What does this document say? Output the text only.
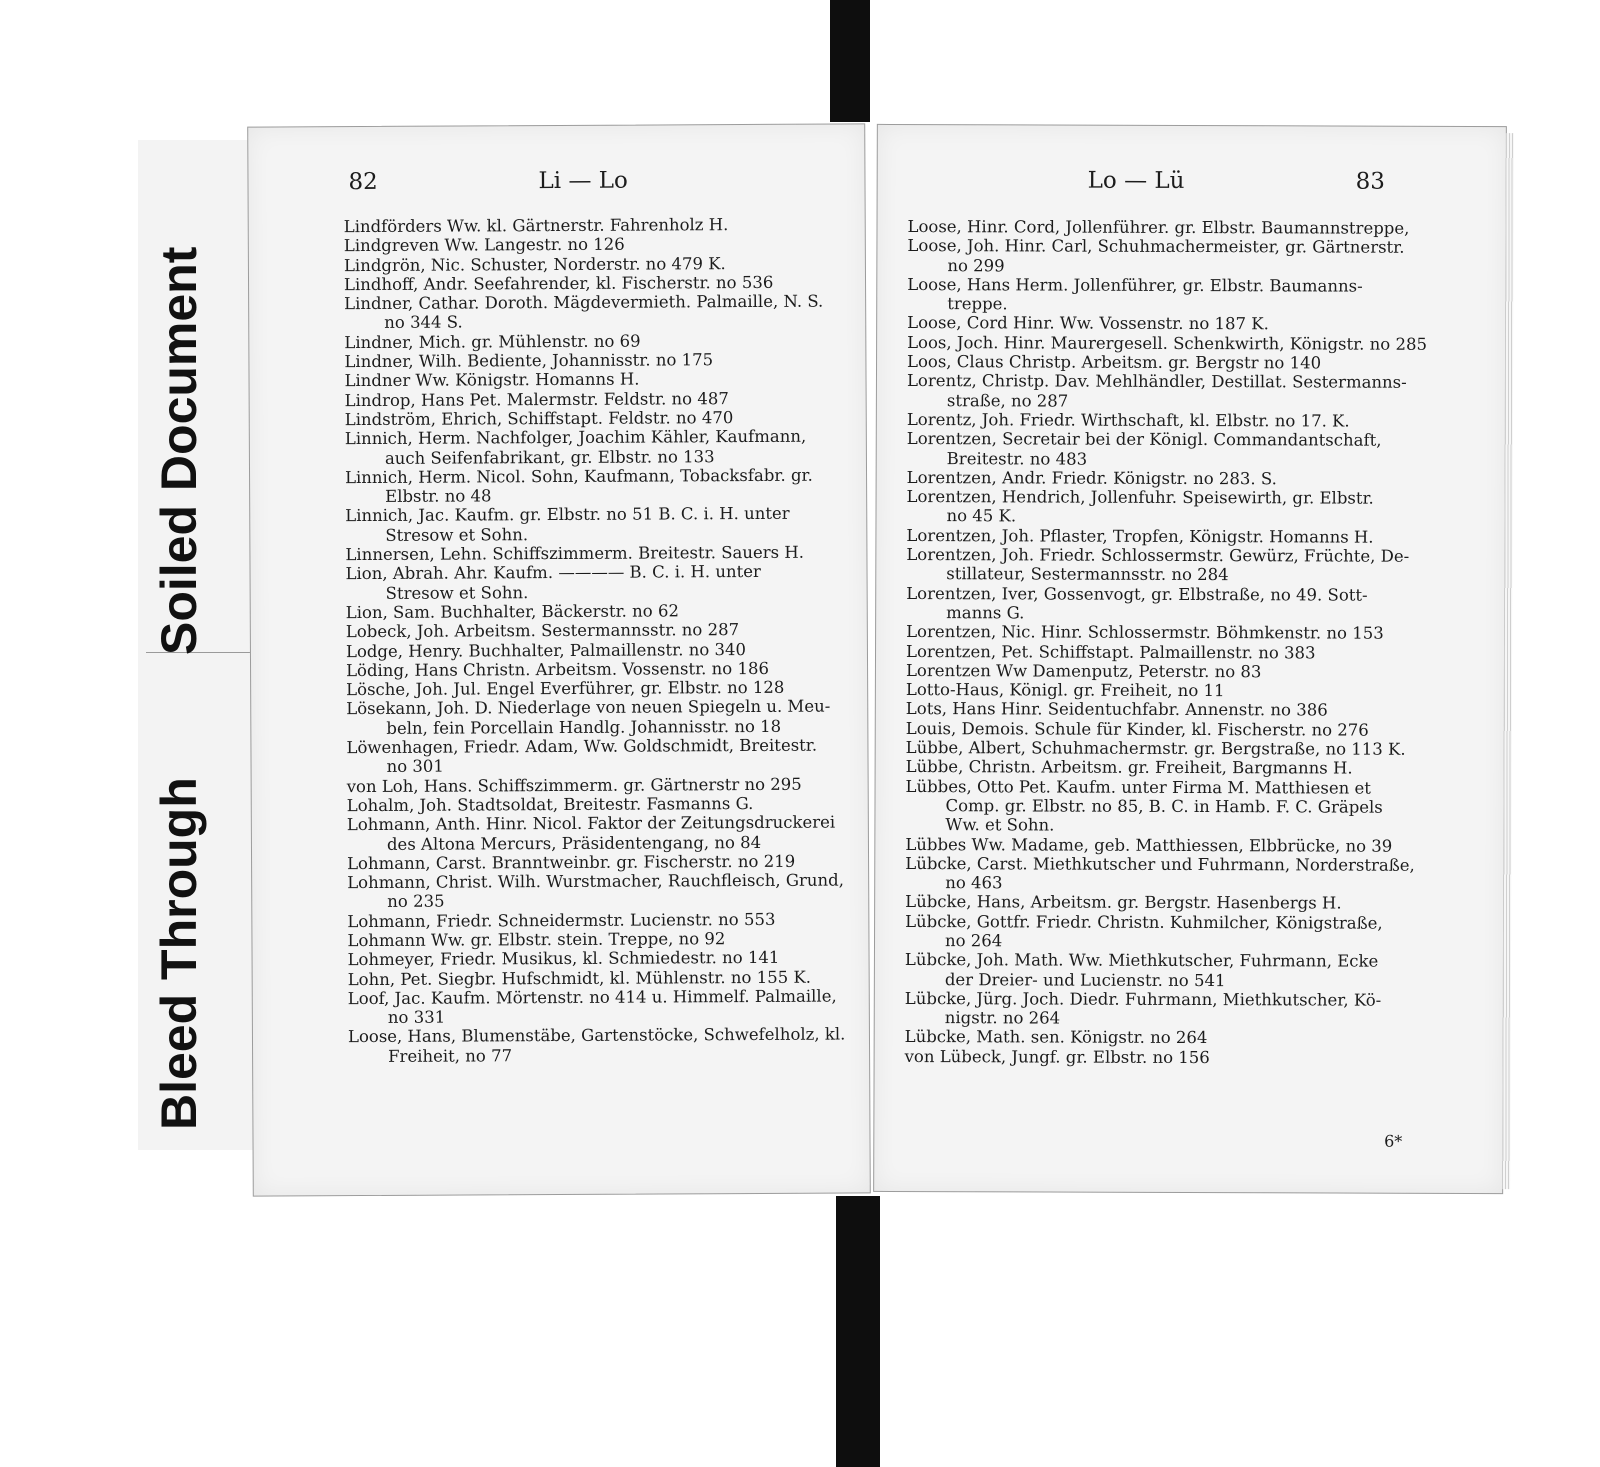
Bleed Through
Soiled Document
82	Li — Lo
Lindförders Ww. kl. Gärtnerstr. Fahrenholz H.
Lindgreven Ww. Langestr. no 126
Lindgrön, Nic. Schuster, Norderstr. no 479 K.
Lindhoff, Andr. Seefahrender, kl. Fischerstr. no 536
Lindner, Cathar. Doroth. Mägdevermieth. Palmaille, N. S.
no 344 S.
Lindner, Mich. gr. Mühlenstr. no 69
Lindner, Wilh. Bediente, Johannisstr. no 175
Lindner Ww. Königstr. Homanns H.
Lindrop, Hans Pet. Malermstr. Feldstr. no 487
Lindström, Ehrich, Schiffstapt. Feldstr. no 470
Linnich, Herm. Nachfolger, Joachim Kähler, Kaufmann,
auch Seifenfabrikant, gr. Elbstr. no 133
Linnich, Herm. Nicol. Sohn, Kaufmann, Tobacksfabr. gr.
Elbstr. no 48
Linnich, Jac. Kaufm. gr. Elbstr. no 51 B. C. i. H. unter
Stresow et Sohn.
Linnersen, Lehn. Schiffszimmerm. Breitestr. Sauers H.
Lion, Abrah. Ahr. Kaufm. ———— B. C. i. H. unter
Stresow et Sohn.
Lion, Sam. Buchhalter, Bäckerstr. no 62
Lobeck, Joh. Arbeitsm. Sestermannsstr. no 287
Lodge, Henry. Buchhalter, Palmaillenstr. no 340
Löding, Hans Christn. Arbeitsm. Vossenstr. no 186
Lösche, Joh. Jul. Engel Everführer, gr. Elbstr. no 128
Lösekann, Joh. D. Niederlage von neuen Spiegeln u. Meu-
beln, fein Porcellain Handlg. Johannisstr. no 18
Löwenhagen, Friedr. Adam, Ww. Goldschmidt, Breitestr.
no 301
von Loh, Hans. Schiffszimmerm. gr. Gärtnerstr no 295
Lohalm, Joh. Stadtsoldat, Breitestr. Fasmanns G.
Lohmann, Anth. Hinr. Nicol. Faktor der Zeitungsdruckerei
des Altona Mercurs, Präsidentengang, no 84
Lohmann, Carst. Branntweinbr. gr. Fischerstr. no 219
Lohmann, Christ. Wilh. Wurstmacher, Rauchfleisch, Grund,
no 235
Lohmann, Friedr. Schneidermstr. Lucienstr. no 553
Lohmann Ww. gr. Elbstr. stein. Treppe, no 92
Lohmeyer, Friedr. Musikus, kl. Schmiedestr. no 141
Lohn, Pet. Siegbr. Hufschmidt, kl. Mühlenstr. no 155 K.
Loof, Jac. Kaufm. Mörtenstr. no 414 u. Himmelf. Palmaille,
no 331
Loose, Hans, Blumenstäbe, Gartenstöcke, Schwefelholz, kl.
Freiheit, no 77
Lo — Lü	83
Loose, Hinr. Cord, Jollenführer. gr. Elbstr. Baumannstreppe,
Loose, Joh. Hinr. Carl, Schuhmachermeister, gr. Gärtnerstr.
no 299
Loose, Hans Herm. Jollenführer, gr. Elbstr. Baumanns-
treppe.
Loose, Cord Hinr. Ww. Vossenstr. no 187 K.
Loos, Joch. Hinr. Maurergesell. Schenkwirth, Königstr. no 285
Loos, Claus Christp. Arbeitsm. gr. Bergstr no 140
Lorentz, Christp. Dav. Mehlhändler, Destillat. Sestermanns-
straße, no 287
Lorentz, Joh. Friedr. Wirthschaft, kl. Elbstr. no 17. K.
Lorentzen, Secretair bei der Königl. Commandantschaft,
Breitestr. no 483
Lorentzen, Andr. Friedr. Königstr. no 283. S.
Lorentzen, Hendrich, Jollenfuhr. Speisewirth, gr. Elbstr.
no 45 K.
Lorentzen, Joh. Pflaster, Tropfen, Königstr. Homanns H.
Lorentzen, Joh. Friedr. Schlossermstr. Gewürz, Früchte, De-
stillateur, Sestermannsstr. no 284
Lorentzen, Iver, Gossenvogt, gr. Elbstraße, no 49. Sott-
manns G.
Lorentzen, Nic. Hinr. Schlossermstr. Böhmkenstr. no 153
Lorentzen, Pet. Schiffstapt. Palmaillenstr. no 383
Lorentzen Ww Damenputz, Peterstr. no 83
Lotto-Haus, Königl. gr. Freiheit, no 11
Lots, Hans Hinr. Seidentuchfabr. Annenstr. no 386
Louis, Demois. Schule für Kinder, kl. Fischerstr. no 276
Lübbe, Albert, Schuhmachermstr. gr. Bergstraße, no 113 K.
Lübbe, Christn. Arbeitsm. gr. Freiheit, Bargmanns H.
Lübbes, Otto Pet. Kaufm. unter Firma M. Matthiesen et
Comp. gr. Elbstr. no 85, B. C. in Hamb. F. C. Gräpels
Ww. et Sohn.
Lübbes Ww. Madame, geb. Matthiessen, Elbbrücke, no 39
Lübcke, Carst. Miethkutscher und Fuhrmann, Norderstraße,
no 463
Lübcke, Hans, Arbeitsm. gr. Bergstr. Hasenbergs H.
Lübcke, Gottfr. Friedr. Christn. Kuhmilcher, Königstraße,
no 264
Lübcke, Joh. Math. Ww. Miethkutscher, Fuhrmann, Ecke
der Dreier- und Lucienstr. no 541
Lübcke, Jürg. Joch. Diedr. Fuhrmann, Miethkutscher, Kö-
nigstr. no 264
Lübcke, Math. sen. Königstr. no 264
von Lübeck, Jungf. gr. Elbstr. no 156
6*
